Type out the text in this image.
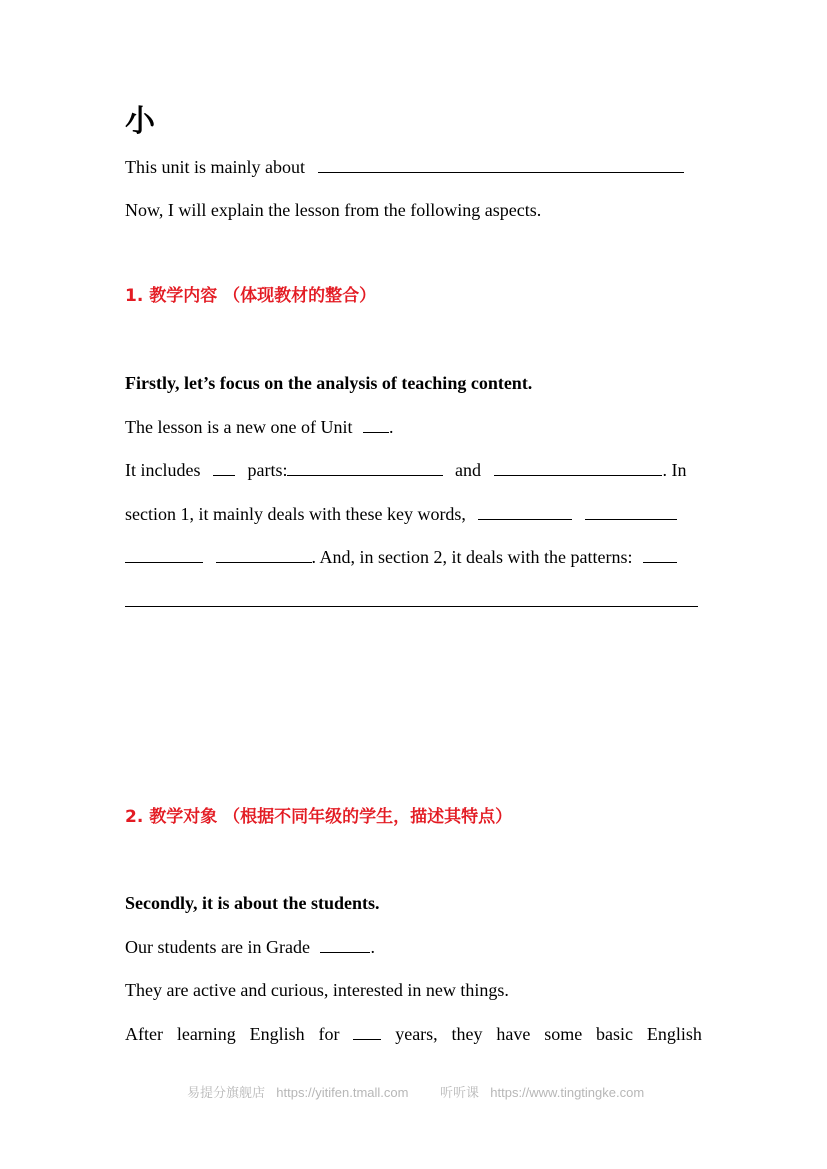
小
This unit is mainly about
Now, I will explain the lesson from the following aspects.
1. 教学内容 （体现教材的整合）
Firstly, let’s focus on the analysis of teaching content.
The lesson is a new one of Unit .
It includes	parts:	and	. In
section 1, it mainly deals with these key words,
. And, in section 2, it deals with the patterns:
2. 教学对象 （根据不同年级的学生，描述其特点）
Secondly, it is about the students.
Our students are in Grade	.
They are active and curious, interested in new things.
After learning English for	years, they have some basic English
易提分旗舰店 https://yitifen.tmall.com 听听课 https://www.tingtingke.com
